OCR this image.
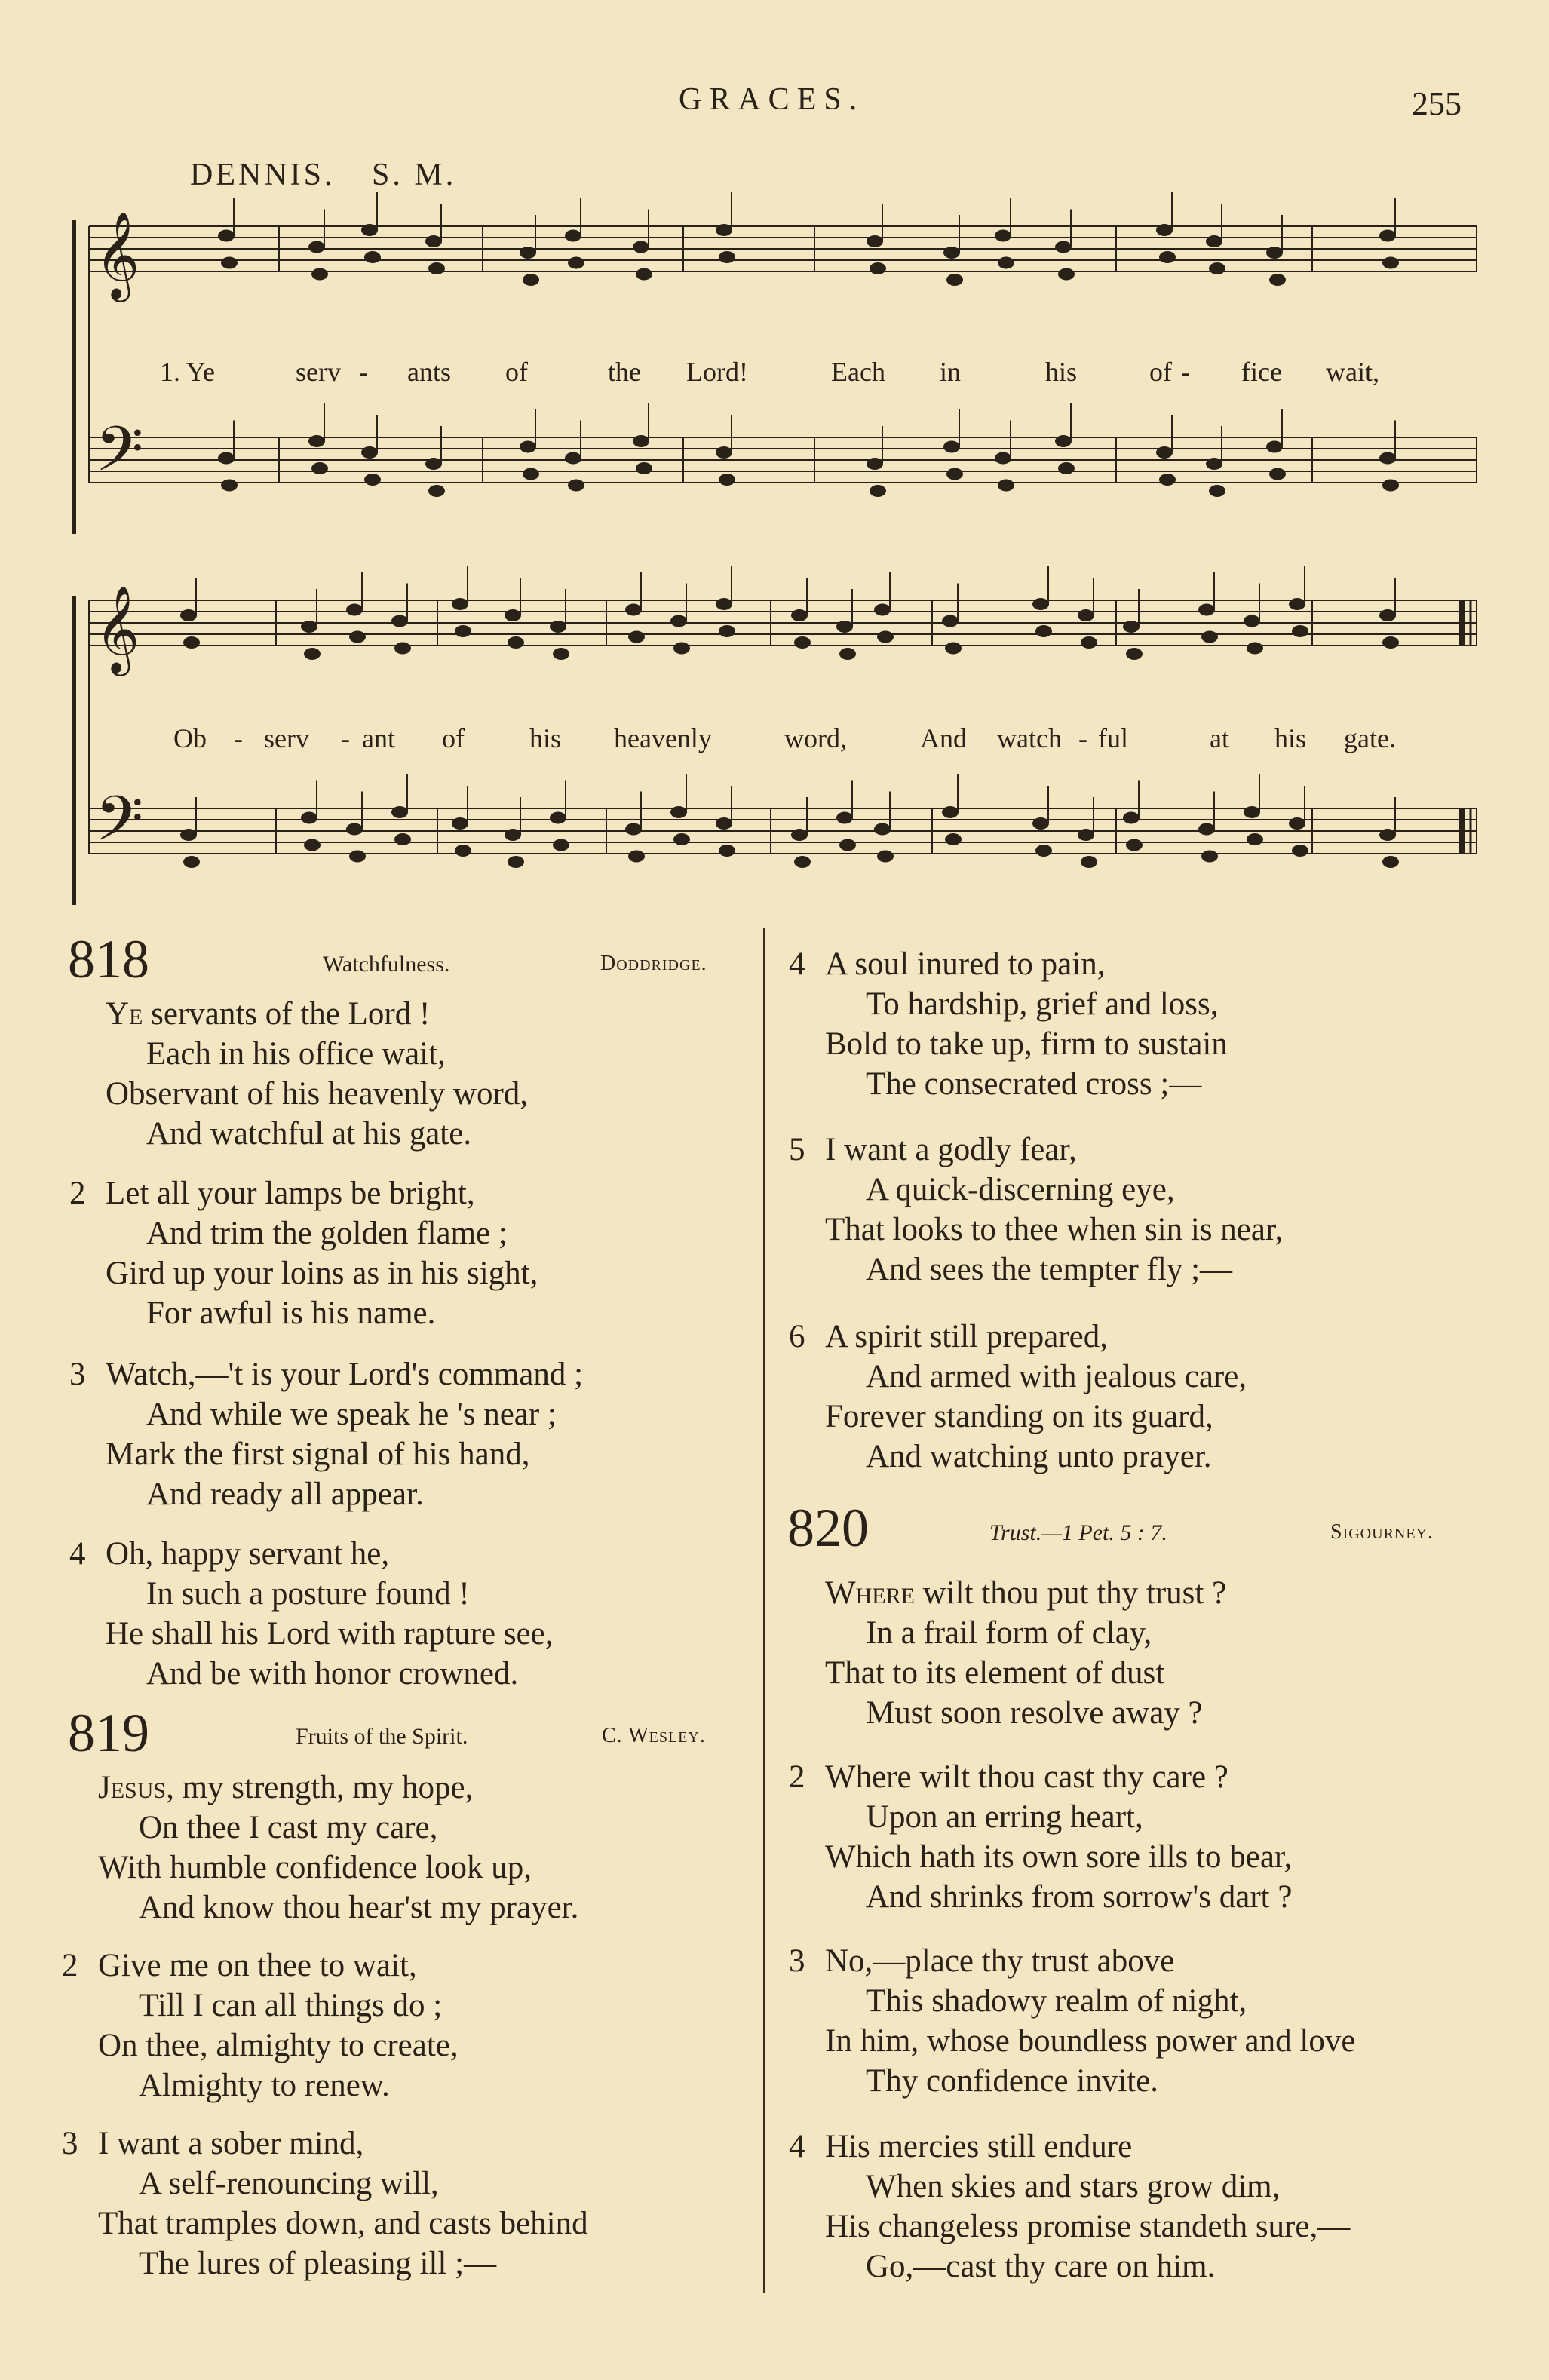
GRACES.	255
DENNIS. S. M.
𝄞
𝄢
𝄞
𝄢
1. Ye	serv - ants of	the Lord!	Each in	his	of - fice wait,
Ob - serv - ant of his heavenly	word,	And watch - ful	at his gate.
818	Watchfulness.	Doddridge.
Ye servants of the Lord !
Each in his office wait,
Observant of his heavenly word,
And watchful at his gate.
2 Let all your lamps be bright,
And trim the golden flame ;
Gird up your loins as in his sight,
For awful is his name.
3 Watch,—'t is your Lord's command ;
And while we speak he 's near ;
Mark the first signal of his hand,
And ready all appear.
4 Oh, happy servant he,
In such a posture found !
He shall his Lord with rapture see,
And be with honor crowned.
819	Fruits of the Spirit.	C. Wesley.
Jesus, my strength, my hope,
On thee I cast my care,
With humble confidence look up,
And know thou hear'st my prayer.
2 Give me on thee to wait,
Till I can all things do ;
On thee, almighty to create,
Almighty to renew.
3 I want a sober mind,
A self-renouncing will,
That tramples down, and casts behind
The lures of pleasing ill ;—
4 A soul inured to pain,
To hardship, grief and loss,
Bold to take up, firm to sustain
The consecrated cross ;—
5 I want a godly fear,
A quick-discerning eye,
That looks to thee when sin is near,
And sees the tempter fly ;—
6 A spirit still prepared,
And armed with jealous care,
Forever standing on its guard,
And watching unto prayer.
820	Trust.—1 Pet. 5 : 7.	Sigourney.
Where wilt thou put thy trust ?
In a frail form of clay,
That to its element of dust
Must soon resolve away ?
2 Where wilt thou cast thy care ?
Upon an erring heart,
Which hath its own sore ills to bear,
And shrinks from sorrow's dart ?
3 No,—place thy trust above
This shadowy realm of night,
In him, whose boundless power and love
Thy confidence invite.
4 His mercies still endure
When skies and stars grow dim,
His changeless promise standeth sure,—
Go,—cast thy care on him.
